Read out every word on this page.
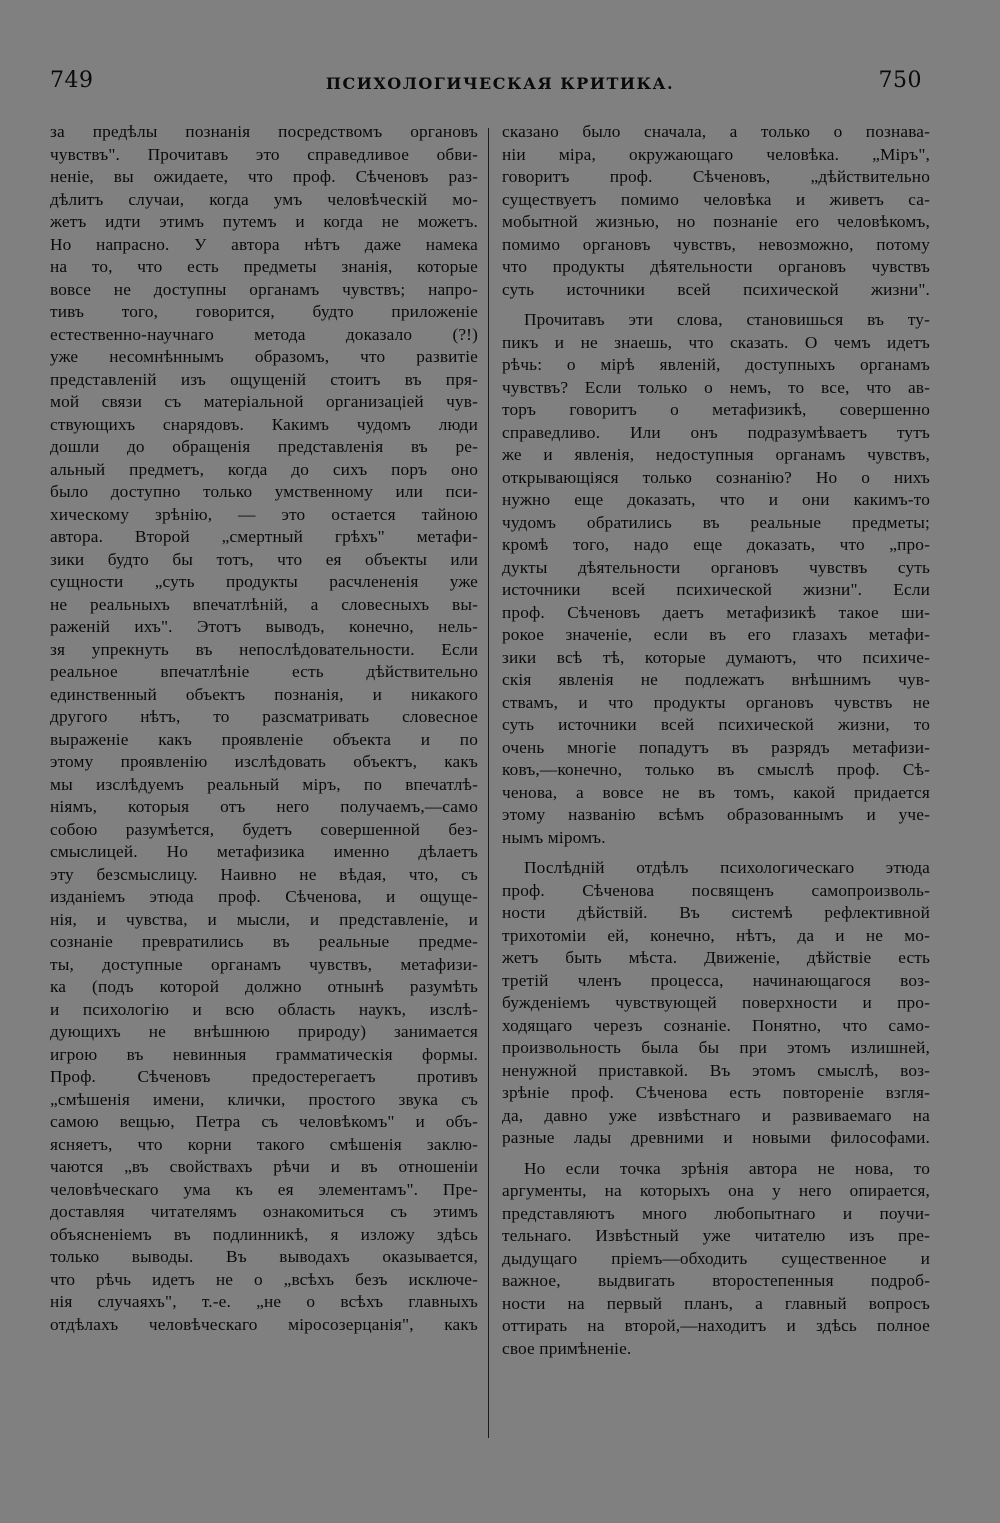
749	ПСИХОЛОГИЧЕСКАЯ КРИТИКА.	750
за предѣлы познанія посредствомъ органовъ
чувствъ". Прочитавъ это справедливое обви-
неніе, вы ожидаете, что проф. Сѣченовъ раз-
дѣлитъ случаи, когда умъ человѣческій мо-
жетъ идти этимъ путемъ и когда не можетъ.
Но напрасно. У автора нѣтъ даже намека
на то, что есть предметы знанія, которые
вовсе не доступны органамъ чувствъ; напро-
тивъ того, говорится, будто приложеніе
естественно-научнаго метода доказало (?!)
уже несомнѣннымъ образомъ, что развитіе
представленій изъ ощущеній стоитъ въ пря-
мой связи съ матеріальной организаціей чув-
ствующихъ снарядовъ. Какимъ чудомъ люди
дошли до обращенія представленія въ ре-
альный предметъ, когда до сихъ поръ оно
было доступно только умственному или пси-
хическому зрѣнію, — это остается тайною
автора. Второй „смертный грѣхъ" метафи-
зики будто бы тотъ, что ея объекты или
сущности „суть продукты расчлененія уже
не реальныхъ впечатлѣній, а словесныхъ вы-
раженій ихъ". Этотъ выводъ, конечно, нель-
зя упрекнуть въ непослѣдовательности. Если
реальное впечатлѣніе есть дѣйствительно
единственный объектъ познанія, и никакого
другого нѣтъ, то разсматривать словесное
выраженіе какъ проявленіе объекта и по
этому проявленію изслѣдовать объектъ, какъ
мы изслѣдуемъ реальный міръ, по впечатлѣ-
ніямъ, которыя отъ него получаемъ,—само
собою разумѣется, будетъ совершенной без-
смыслицей. Но метафизика именно дѣлаетъ
эту безсмыслицу. Наивно не вѣдая, что, съ
изданіемъ этюда проф. Сѣченова, и ощуще-
нія, и чувства, и мысли, и представленіе, и
сознаніе превратились въ реальные предме-
ты, доступные органамъ чувствъ, метафизи-
ка (подъ которой должно отнынѣ разумѣть
и психологію и всю область наукъ, изслѣ-
дующихъ не внѣшнюю природу) занимается
игрою въ невинныя грамматическія формы.
Проф. Сѣченовъ предостерегаетъ противъ
„смѣшенія имени, клички, простого звука съ
самою вещью, Петра съ человѣкомъ" и объ-
ясняетъ, что корни такого смѣшенія заклю-
чаются „въ свойствахъ рѣчи и въ отношеніи
человѣческаго ума къ ея элементамъ". Пре-
доставляя читателямъ ознакомиться съ этимъ
объясненіемъ въ подлинникѣ, я изложу здѣсь
только выводы. Въ выводахъ оказывается,
что рѣчь идетъ не о „всѣхъ безъ исключе-
нія случаяхъ", т.-е. „не о всѣхъ главныхъ
отдѣлахъ человѣческаго міросозерцанія", какъ
сказано было сначала, а только о познава-
ніи міра, окружающаго человѣка. „Міръ",
говоритъ проф. Сѣченовъ, „дѣйствительно
существуетъ помимо человѣка и живетъ са-
мобытной жизнью, но познаніе его человѣкомъ,
помимо органовъ чувствъ, невозможно, потому
что продукты дѣятельности органовъ чувствъ
суть источники всей психической жизни".
Прочитавъ эти слова, становишься въ ту-
пикъ и не знаешь, что сказать. О чемъ идетъ
рѣчь: о мірѣ явленій, доступныхъ органамъ
чувствъ? Если только о немъ, то все, что ав-
торъ говоритъ о метафизикѣ, совершенно
справедливо. Или онъ подразумѣваетъ тутъ
же и явленія, недоступныя органамъ чувствъ,
открывающіяся только сознанію? Но о нихъ
нужно еще доказать, что и они какимъ-то
чудомъ обратились въ реальные предметы;
кромѣ того, надо еще доказать, что „про-
дукты дѣятельности органовъ чувствъ суть
источники всей психической жизни". Если
проф. Сѣченовъ даетъ метафизикѣ такое ши-
рокое значеніе, если въ его глазахъ метафи-
зики всѣ тѣ, которые думаютъ, что психиче-
скія явленія не подлежатъ внѣшнимъ чув-
ствамъ, и что продукты органовъ чувствъ не
суть источники всей психической жизни, то
очень многіе попадутъ въ разрядъ метафизи-
ковъ,—конечно, только въ смыслѣ проф. Сѣ-
ченова, а вовсе не въ томъ, какой придается
этому названію всѣмъ образованнымъ и уче-
нымъ міромъ.
Послѣдній отдѣлъ психологическаго этюда
проф. Сѣченова посвященъ самопроизволь-
ности дѣйствій. Въ системѣ рефлективной
трихотоміи ей, конечно, нѣтъ, да и не мо-
жетъ быть мѣста. Движеніе, дѣйствіе есть
третій членъ процесса, начинающагося воз-
бужденіемъ чувствующей поверхности и про-
ходящаго черезъ сознаніе. Понятно, что само-
произвольность была бы при этомъ излишней,
ненужной приставкой. Въ этомъ смыслѣ, воз-
зрѣніе проф. Сѣченова есть повтореніе взгля-
да, давно уже извѣстнаго и развиваемаго на
разные лады древними и новыми философами.
Но если точка зрѣнія автора не нова, то
аргументы, на которыхъ она у него опирается,
представляютъ много любопытнаго и поучи-
тельнаго. Извѣстный уже читателю изъ пре-
дыдущаго пріемъ—обходить существенное и
важное, выдвигать второстепенныя подроб-
ности на первый планъ, а главный вопросъ
оттирать на второй,—находитъ и здѣсь полное
свое примѣненіе.
